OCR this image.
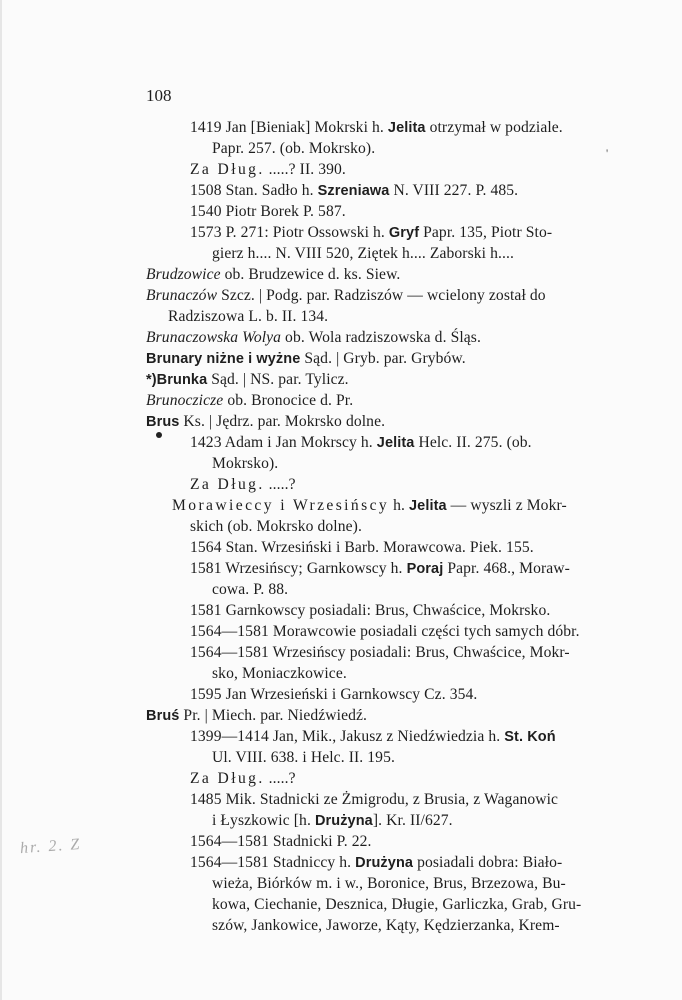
108
1419 Jan [Bieniak] Mokrski h. Jelita otrzymał w podziale.
Papr. 257. (ob. Mokrsko).
Za Dług. .....? II. 390.
1508 Stan. Sadło h. Szreniawa N. VIII 227. P. 485.
1540 Piotr Borek P. 587.
1573 P. 271: Piotr Ossowski h. Gryf Papr. 135, Piotr Sto-
gierz h.... N. VIII 520, Ziętek h.... Zaborski h....
Brudzowice ob. Brudzewice d. ks. Siew.
Brunaczów Szcz. | Podg. par. Radziszów — wcielony został do
Radziszowa L. b. II. 134.
Brunaczowska Wolya ob. Wola radziszowska d. Śląs.
Brunary niżne i wyżne Sąd. | Gryb. par. Grybów.
*)Brunka Sąd. | NS. par. Tylicz.
Brunoczicze ob. Bronocice d. Pr.
Brus Ks. | Jędrz. par. Mokrsko dolne.
1423 Adam i Jan Mokrscy h. Jelita Helc. II. 275. (ob.
Mokrsko).
Za Dług. .....?
Morawieccy i Wrzesińscy h. Jelita — wyszli z Mokr-
skich (ob. Mokrsko dolne).
1564 Stan. Wrzesiński i Barb. Morawcowa. Piek. 155.
1581 Wrzesińscy; Garnkowscy h. Poraj Papr. 468., Moraw-
cowa. P. 88.
1581 Garnkowscy posiadali: Brus, Chwaścice, Mokrsko.
1564—1581 Morawcowie posiadali części tych samych dóbr.
1564—1581 Wrzesińscy posiadali: Brus, Chwaścice, Mokr-
sko, Moniaczkowice.
1595 Jan Wrzesieński i Garnkowscy Cz. 354.
Bruś Pr. | Miech. par. Niedźwiedź.
1399—1414 Jan, Mik., Jakusz z Niedźwiedzia h. St. Koń
Ul. VIII. 638. i Helc. II. 195.
Za Dług. .....?
1485 Mik. Stadnicki ze Żmigrodu, z Brusia, z Waganowic
i Łyszkowic [h. Drużyna]. Kr. II/627.
1564—1581 Stadnicki P. 22.
1564—1581 Stadniccy h. Drużyna posiadali dobra: Biało-
wieża, Biórków m. i w., Boronice, Brus, Brzezowa, Bu-
kowa, Ciechanie, Desznica, Długie, Garliczka, Grab, Gru-
szów, Jankowice, Jaworze, Kąty, Kędzierzanka, Krem-
'
hr. 2. Z
